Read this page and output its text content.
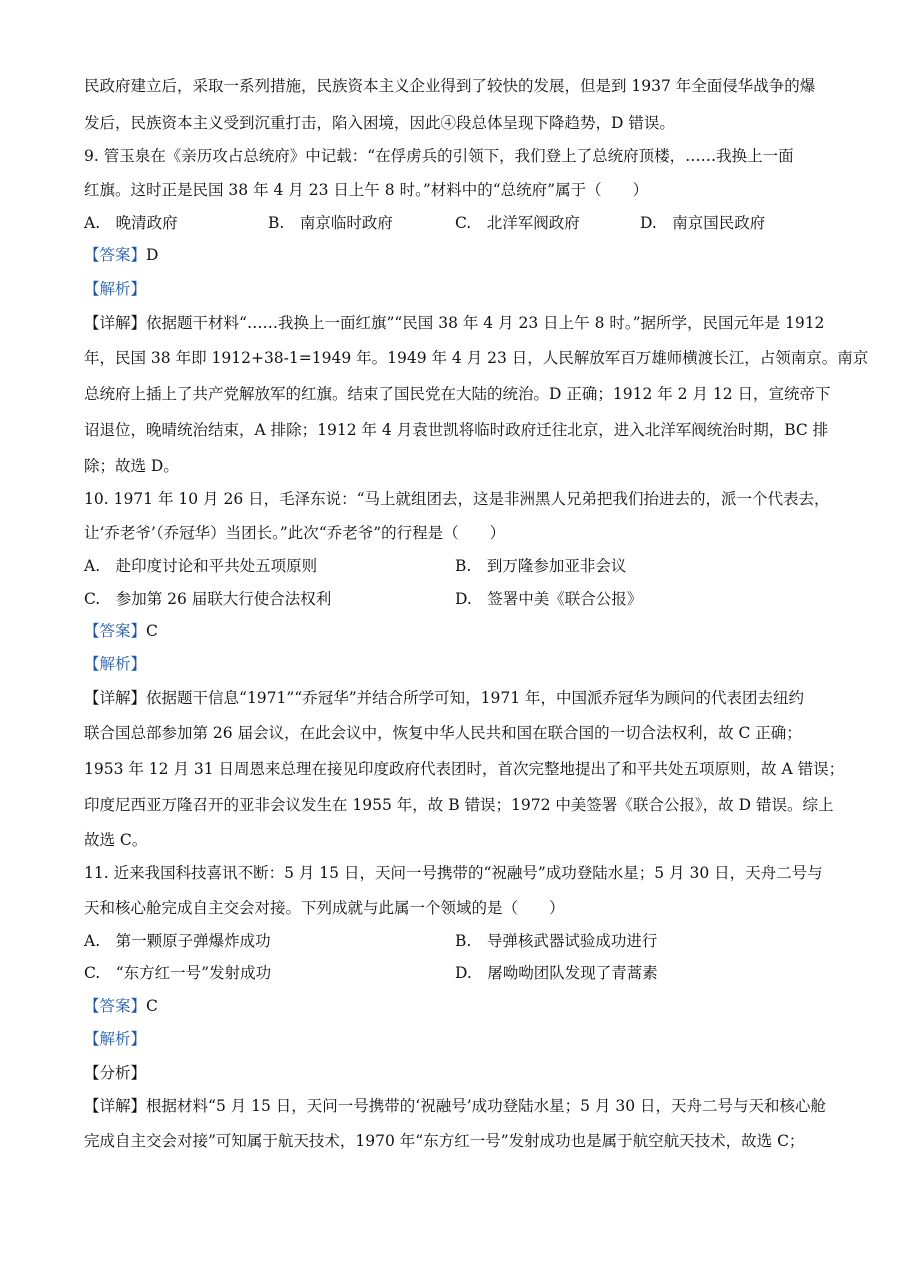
民政府建立后，采取一系列措施，民族资本主义企业得到了较快的发展，但是到 1937 年全面侵华战争的爆
发后，民族资本主义受到沉重打击，陷入困境，因此④段总体呈现下降趋势，D 错误。
9. 管玉泉在《亲历攻占总统府》中记载：“在俘虏兵的引领下，我们登上了总统府顶楼，……我换上一面
红旗。这时正是民国 38 年 4 月 23 日上午 8 时。”材料中的“总统府”属于（　　）
A.　晚清政府	B.　南京临时政府	C.　北洋军阀政府	D.　南京国民政府
【答案】D
【解析】
【详解】依据题干材料“……我换上一面红旗”“民国 38 年 4 月 23 日上午 8 时。”据所学，民国元年是 1912
年，民国 38 年即 1912+38-1=1949 年。1949 年 4 月 23 日，人民解放军百万雄师横渡长江，占领南京。南京
总统府上插上了共产党解放军的红旗。结束了国民党在大陆的统治。D 正确；1912 年 2 月 12 日，宣统帝下
诏退位，晚晴统治结束，A 排除；1912 年 4 月袁世凯将临时政府迁往北京，进入北洋军阀统治时期，BC 排
除；故选 D。
10. 1971 年 10 月 26 日，毛泽东说：“马上就组团去，这是非洲黑人兄弟把我们抬进去的，派一个代表去，
让‘乔老爷’（乔冠华）当团长。”此次“乔老爷”的行程是（　　）
A.　赴印度讨论和平共处五项原则	B.　到万隆参加亚非会议
C.　参加第 26 届联大行使合法权利	D.　签署中美《联合公报》
【答案】C
【解析】
【详解】依据题干信息“1971”“乔冠华”并结合所学可知，1971 年，中国派乔冠华为顾问的代表团去纽约
联合国总部参加第 26 届会议，在此会议中，恢复中华人民共和国在联合国的一切合法权利，故 C 正确；
1953 年 12 月 31 日周恩来总理在接见印度政府代表团时，首次完整地提出了和平共处五项原则，故 A 错误；
印度尼西亚万隆召开的亚非会议发生在 1955 年，故 B 错误；1972 中美签署《联合公报》，故 D 错误。综上
故选 C。
11. 近来我国科技喜讯不断：5 月 15 日，天问一号携带的“祝融号”成功登陆水星；5 月 30 日，天舟二号与
天和核心舱完成自主交会对接。下列成就与此属一个领域的是（　　）
A.　第一颗原子弹爆炸成功	B.　导弹核武器试验成功进行
C.　“东方红一号”发射成功	D.　屠呦呦团队发现了青蒿素
【答案】C
【解析】
【分析】
【详解】根据材料“5 月 15 日，天问一号携带的‘祝融号’成功登陆水星；5 月 30 日，天舟二号与天和核心舱
完成自主交会对接”可知属于航天技术，1970 年“东方红一号”发射成功也是属于航空航天技术，故选 C；
